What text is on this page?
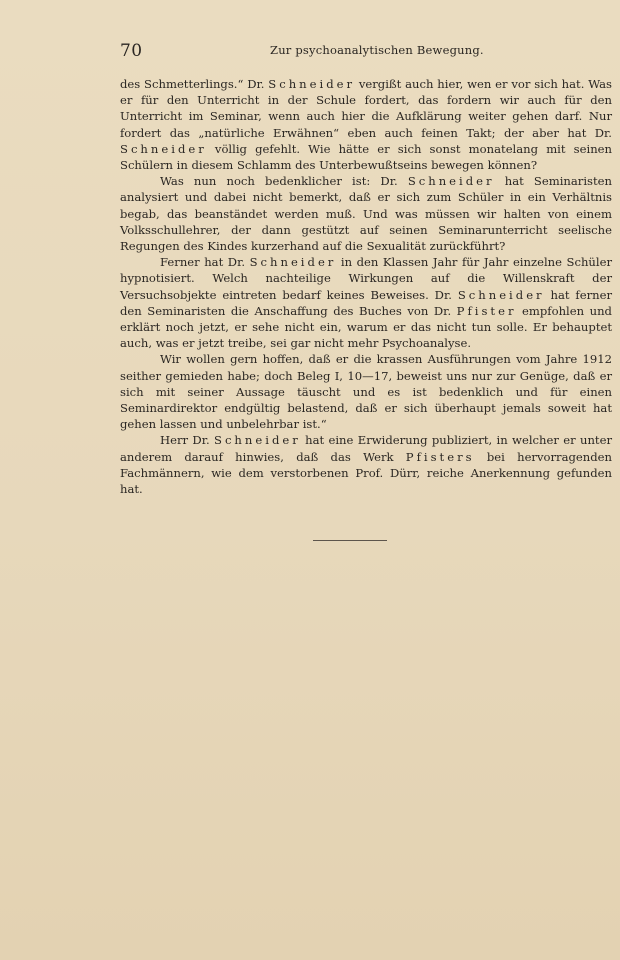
70	Zur psychoanalytischen Bewegung.

des Schmetterlings.“ Dr. Schneider vergißt auch hier, wen er vor sich hat. Was er für den Unterricht in der Schule fordert, das fordern wir auch für den Unterricht im Seminar, wenn auch hier die Aufklärung weiter gehen darf. Nur fordert das „natürliche Erwähnen“ eben auch feinen Takt; der aber hat Dr. Schneider völlig gefehlt. Wie hätte er sich sonst monatelang mit seinen Schülern in diesem Schlamm des Unterbewußtseins bewegen können?

Was nun noch bedenklicher ist: Dr. Schneider hat Seminaristen analysiert und dabei nicht bemerkt, daß er sich zum Schüler in ein Verhältnis begab, das beanständet werden muß. Und was müssen wir halten von einem Volksschullehrer, der dann gestützt auf seinen Seminarunterricht seelische Regungen des Kindes kurzerhand auf die Sexualität zurückführt?

Ferner hat Dr. Schneider in den Klassen Jahr für Jahr einzelne Schüler hypnotisiert. Welch nachteilige Wirkungen auf die Willenskraft der Versuchsobjekte eintreten bedarf keines Beweises. Dr. Schneider hat ferner den Seminaristen die Anschaffung des Buches von Dr. Pfister empfohlen und erklärt noch jetzt, er sehe nicht ein, warum er das nicht tun solle. Er behauptet auch, was er jetzt treibe, sei gar nicht mehr Psychoanalyse.

Wir wollen gern hoffen, daß er die krassen Ausführungen vom Jahre 1912 seither gemieden habe; doch Beleg I, 10—17, beweist uns nur zur Genüge, daß er sich mit seiner Aussage täuscht und es ist bedenklich und für einen Seminardirektor endgültig belastend, daß er sich überhaupt jemals soweit hat gehen lassen und unbelehrbar ist.“

Herr Dr. Schneider hat eine Erwiderung publiziert, in welcher er unter anderem darauf hinwies, daß das Werk Pfisters bei hervorragenden Fachmännern, wie dem verstorbenen Prof. Dürr, reiche Anerkennung gefunden hat.
